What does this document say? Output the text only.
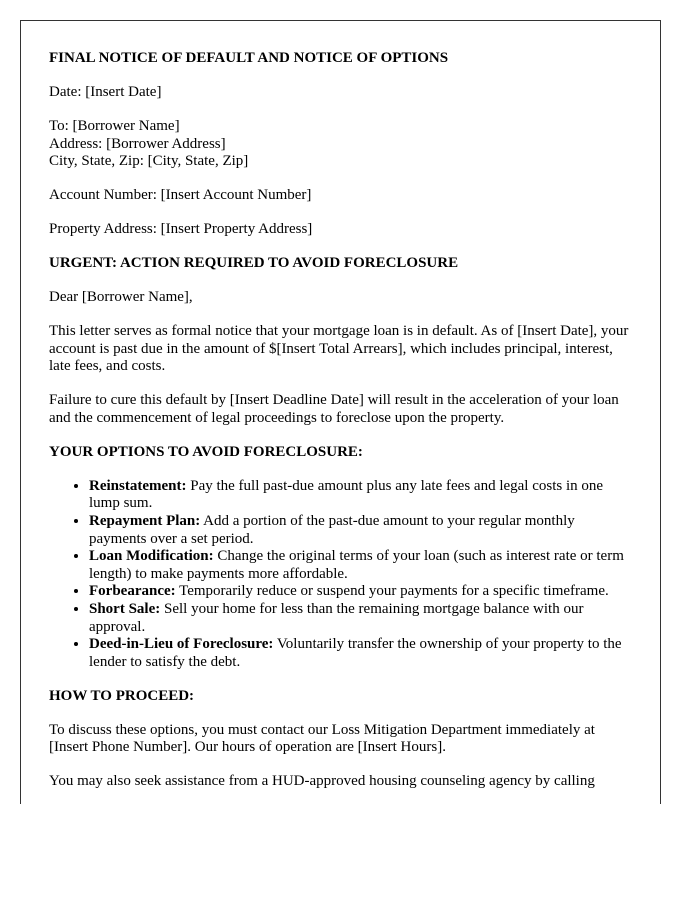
FINAL NOTICE OF DEFAULT AND NOTICE OF OPTIONS

Date: [Insert Date]

To: [Borrower Name]
Address: [Borrower Address]
City, State, Zip: [City, State, Zip]

Account Number: [Insert Account Number]

Property Address: [Insert Property Address]

URGENT: ACTION REQUIRED TO AVOID FORECLOSURE

Dear [Borrower Name],

This letter serves as formal notice that your mortgage loan is in default. As of [Insert Date], your account is past due in the amount of $[Insert Total Arrears], which includes principal, interest, late fees, and costs.

Failure to cure this default by [Insert Deadline Date] will result in the acceleration of your loan and the commencement of legal proceedings to foreclose upon the property.

YOUR OPTIONS TO AVOID FORECLOSURE:
• Reinstatement: Pay the full past-due amount plus any late fees and legal costs in one lump sum.
• Repayment Plan: Add a portion of the past-due amount to your regular monthly payments over a set period.
• Loan Modification: Change the original terms of your loan (such as interest rate or term length) to make payments more affordable.
• Forbearance: Temporarily reduce or suspend your payments for a specific timeframe.
• Short Sale: Sell your home for less than the remaining mortgage balance with our approval.
• Deed-in-Lieu of Foreclosure: Voluntarily transfer the ownership of your property to the lender to satisfy the debt.
HOW TO PROCEED:

To discuss these options, you must contact our Loss Mitigation Department immediately at [Insert Phone Number]. Our hours of operation are [Insert Hours].

You may also seek assistance from a HUD-approved housing counseling agency by calling
